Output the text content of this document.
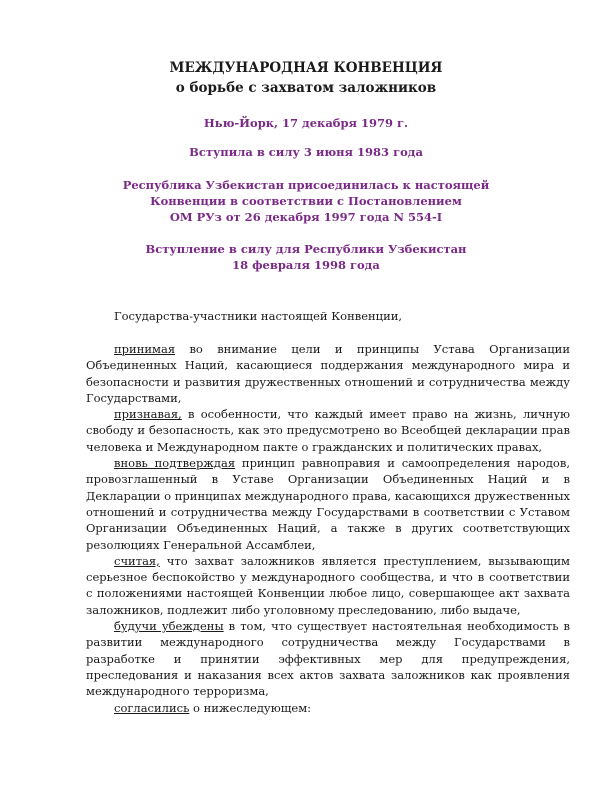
МЕЖДУНАРОДНАЯ КОНВЕНЦИЯ
о борьбе с захватом заложников
Нью-Йорк, 17 декабря 1979 г.
Вступила в силу 3 июня 1983 года
Республика Узбекистан присоединилась к настоящей
Конвенции в соответствии с Постановлением
ОМ РУз от 26 декабря 1997 года N 554-I
Вступление в силу для Республики Узбекистан
18 февраля 1998 года

Государства-участники настоящей Конвенции,

принимая во внимание цели и принципы Устава Организации Объединенных Наций, касающиеся поддержания международного мира и безопасности и развития дружественных отношений и сотрудничества между Государствами,

признавая, в особенности, что каждый имеет право на жизнь, личную свободу и безопасность, как это предусмотрено во Всеобщей декларации прав человека и Международном пакте о гражданских и политических правах,

вновь подтверждая принцип равноправия и самоопределения народов, провозглашенный в Уставе Организации Объединенных Наций и в Декларации о принципах международного права, касающихся дружественных отношений и сотрудничества между Государствами в соответствии с Уставом Организации Объединенных Наций, а также в других соответствующих резолюциях Генеральной Ассамблеи,

считая, что захват заложников является преступлением, вызывающим серьезное беспокойство у международного сообщества, и что в соответствии с положениями настоящей Конвенции любое лицо, совершающее акт захвата заложников, подлежит либо уголовному преследованию, либо выдаче,

будучи убеждены в том, что существует настоятельная необходимость в развитии международного сотрудничества между Государствами в разработке и принятии эффективных мер для предупреждения, преследования и наказания всех актов захвата заложников как проявления международного терроризма,

согласились о нижеследующем:
